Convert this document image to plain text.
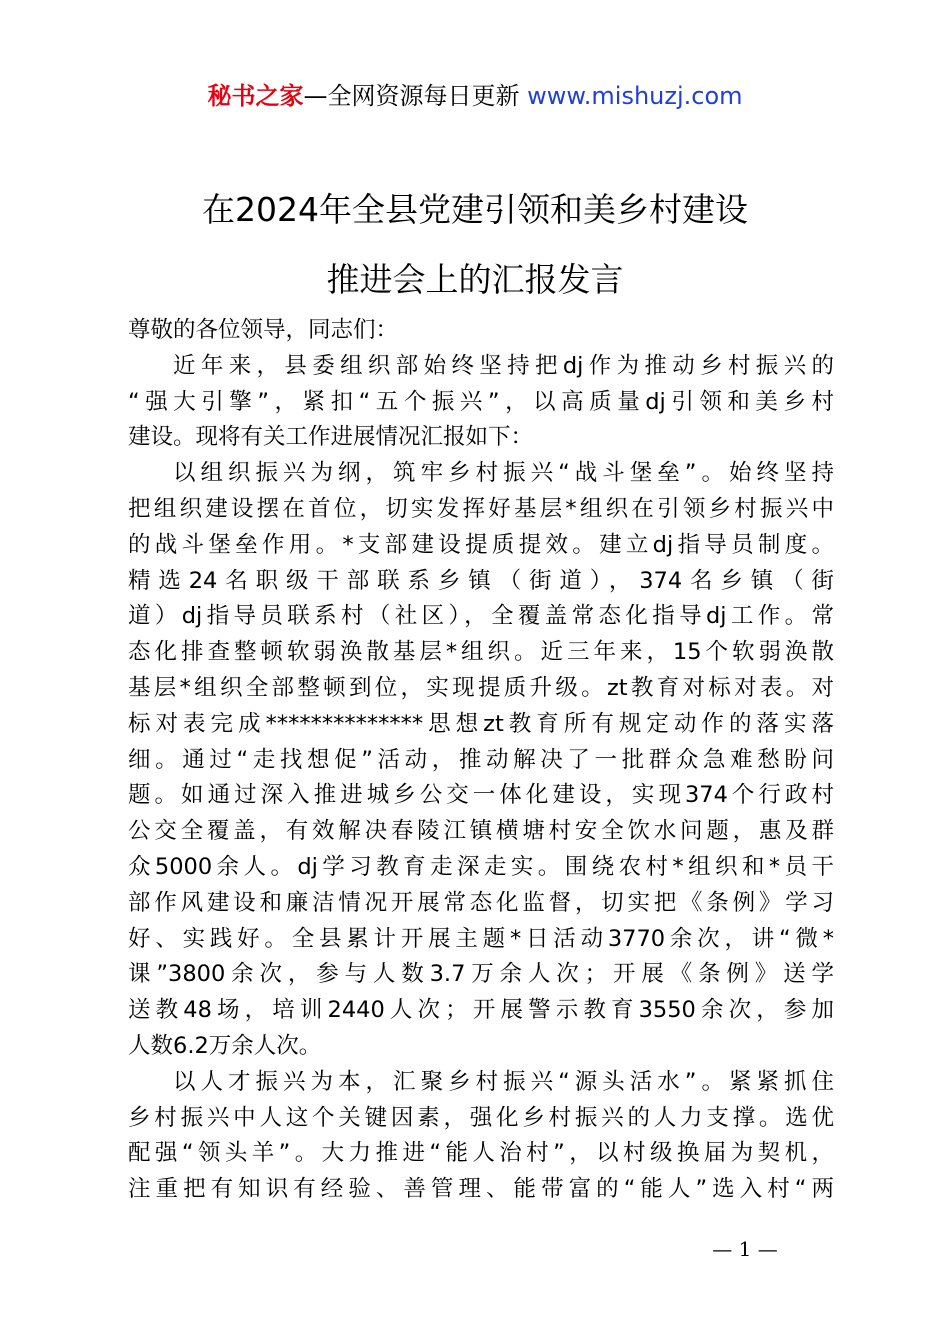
秘书之家—全网资源每日更新 www.mishuzj.com
在2024年全县党建引领和美乡村建设
推进会上的汇报发言
尊敬的各位领导，同志们：

近年来，县委组织部始终坚持把dj作为推动乡村振兴的
“强大引擎”，紧扣“五个振兴”，以高质量dj引领和美乡村
建设。现将有关工作进展情况汇报如下：

以组织振兴为纲，筑牢乡村振兴“战斗堡垒”。始终坚持
把组织建设摆在首位，切实发挥好基层*组织在引领乡村振兴中
的战斗堡垒作用。*支部建设提质提效。建立dj指导员制度。
精选24名职级干部联系乡镇（街道），374名乡镇（街
道）dj指导员联系村（社区），全覆盖常态化指导dj工作。常
态化排查整顿软弱涣散基层*组织。近三年来，15个软弱涣散
基层*组织全部整顿到位，实现提质升级。zt教育对标对表。对
标对表完成**************思想zt教育所有规定动作的落实落
细。通过“走找想促”活动，推动解决了一批群众急难愁盼问
题。如通过深入推进城乡公交一体化建设，实现374个行政村
公交全覆盖，有效解决春陵江镇横塘村安全饮水问题，惠及群
众5000余人。dj学习教育走深走实。围绕农村*组织和*员干
部作风建设和廉洁情况开展常态化监督，切实把《条例》学习
好、实践好。全县累计开展主题*日活动3770余次，讲“微*
课”3800余次，参与人数3.7万余人次；开展《条例》送学
送教48场，培训2440人次；开展警示教育3550余次，参加
人数6.2万余人次。

以人才振兴为本，汇聚乡村振兴“源头活水”。紧紧抓住
乡村振兴中人这个关键因素，强化乡村振兴的人力支撑。选优
配强“领头羊”。大力推进“能人治村”，以村级换届为契机，
注重把有知识有经验、善管理、能带富的“能人”选入村“两

— 1 —
